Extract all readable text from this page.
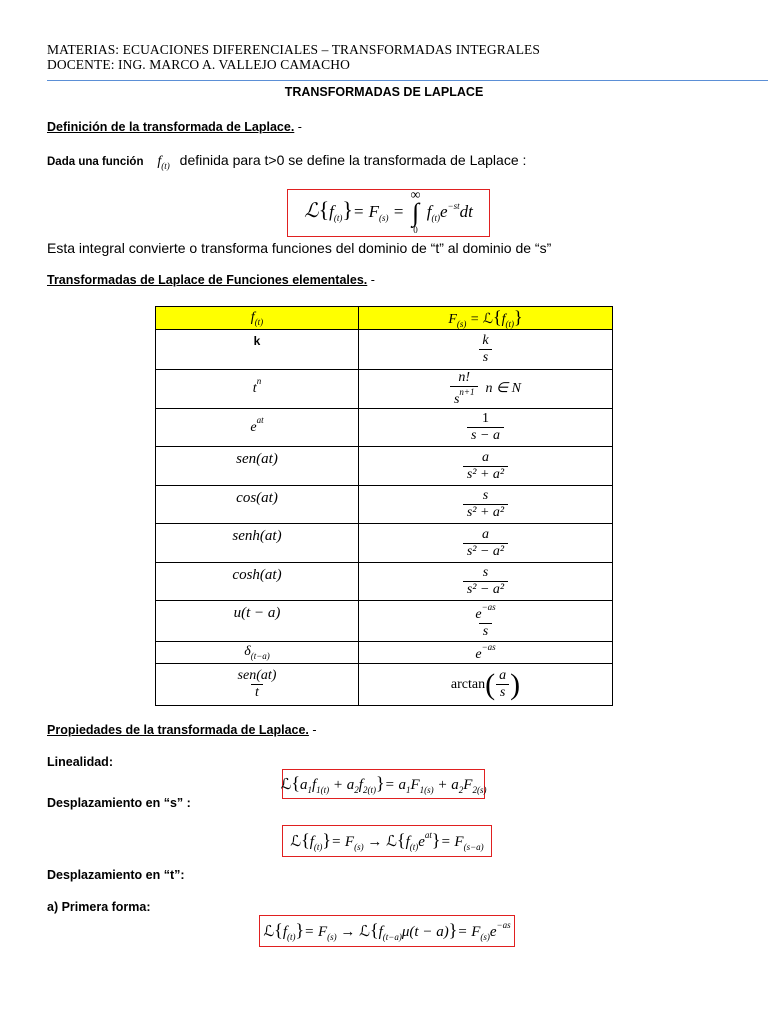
MATERIAS: ECUACIONES DIFERENCIALES – TRANSFORMADAS INTEGRALES
DOCENTE: ING. MARCO A. VALLEJO CAMACHO
TRANSFORMADAS DE LAPLACE
Definición de la transformada de Laplace. -
Dada una función $f_{(t)}$ definida para t>0 se define la transformada de Laplace :
$ℒ\{f_{(t)}\}= F_{(s)}$ =
∞
∫
0
$f_{(t)}e^{-st}dt$
Esta integral convierte o transforma funciones del dominio de “t” al dominio de “s”
Transformadas de Laplace de Funciones elementales. -
$f_{(t)}$	$F_{(s)}$ = $ℒ\{f_{(t)}\}$
k	$\frac{k}{s}$

$t^n$	$\frac{n!}{s^{n+1}}$ n ∈ N
$e^{at}$	$\frac{1}{s - a}$

sen(at)	$\frac{a}{\text{s² + a²}}$

cos(at)	$\frac{s}{\text{s² + a²}}$

senh(at)	$\frac{a}{\text{s² − a²}}$

cosh(at)	$\frac{s}{\text{s² − a²}}$

u(t − a)	$\frac{e^{-as}}{s}$

$\delta_{(t-a)}$	$e^{-as}$

$\frac{\text{sen(at)}}{t}$	$\arctan( \frac{a}{s}$ )
Propiedades de la transformada de Laplace. -
Linealidad:
$ℒ\{a_1f_{1(t)} + a_2f_{2(t)}\}= a_1F_{1(s)} + a_2F_{2(s)}$
Desplazamiento en “s” :
$ℒ\{f_{(t)}\}= F_{(s)}$ → $ℒ\{f_{(t)}e^{at}\}= F_{(s-a)}$
Desplazamiento en “t”:
a) Primera forma:
$ℒ\{f_{(t)}\}= F_{(s)}$ → $ℒ\{f_{(t-a)}\mu(t - a)\}= F_{(s)}e^{-as}$
